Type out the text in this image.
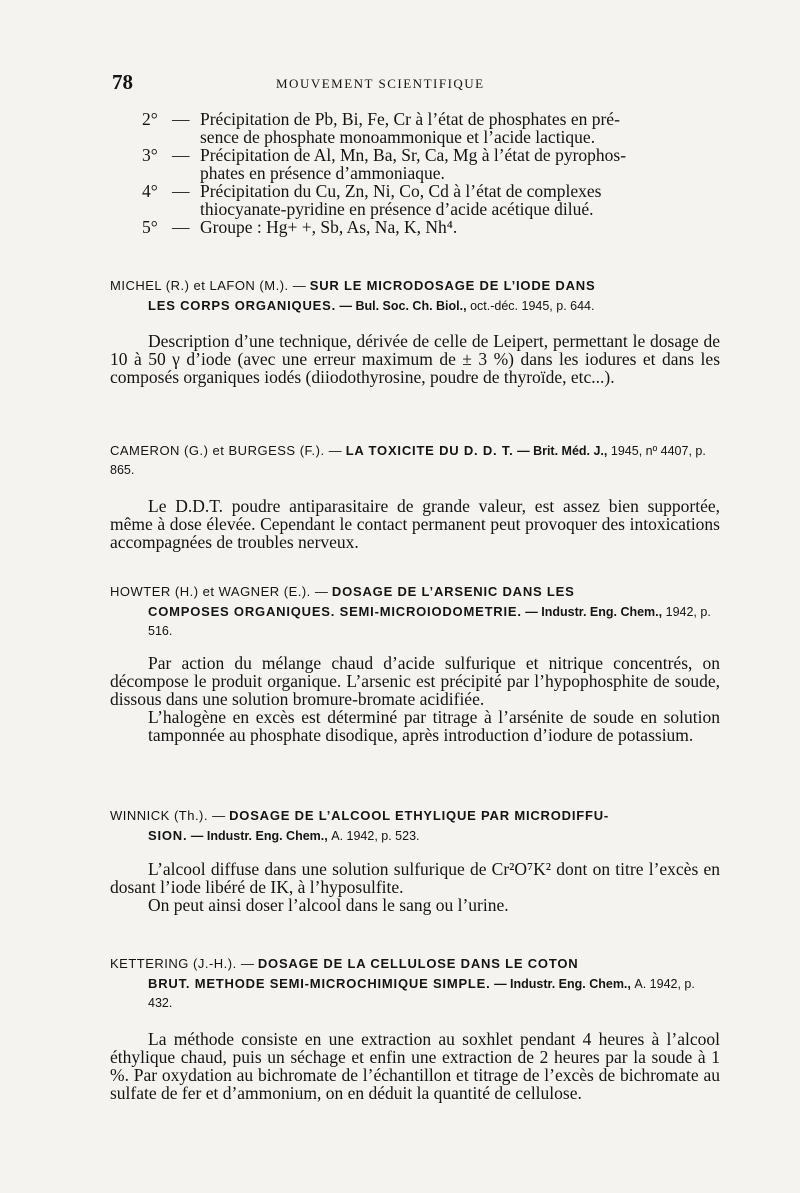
78	MOUVEMENT SCIENTIFIQUE
2° — Précipitation de Pb, Bi, Fe, Cr à l’état de phosphates en pré-
sence de phosphate monoammonique et l’acide lactique.
3° — Précipitation de Al, Mn, Ba, Sr, Ca, Mg à l’état de pyrophos-
phates en présence d’ammoniaque.
4° — Précipitation du Cu, Zn, Ni, Co, Cd à l’état de complexes
thiocyanate-pyridine en présence d’acide acétique dilué.
5° — Groupe : Hg+ +, Sb, As, Na, K, Nh⁴.
MICHEL (R.) et LAFON (M.). — SUR LE MICRODOSAGE DE L’IODE DANS
LES CORPS ORGANIQUES. — Bul. Soc. Ch. Biol., oct.-déc. 1945, p. 644.

Description d’une technique, dérivée de celle de Leipert, permettant le dosage de 10 à 50 γ d’iode (avec une erreur maximum de ± 3 %) dans les iodures et dans les composés organiques iodés (diiodothyrosine, poudre de thyroïde, etc...).

CAMERON (G.) et BURGESS (F.). — LA TOXICITE DU D. D. T. — Brit. Méd. J., 1945, nº 4407, p. 865.

Le D.D.T. poudre antiparasitaire de grande valeur, est assez bien supportée, même à dose élevée. Cependant le contact permanent peut provoquer des intoxications accompagnées de troubles nerveux.

HOWTER (H.) et WAGNER (E.). — DOSAGE DE L’ARSENIC DANS LES
COMPOSES ORGANIQUES. SEMI-MICROIODOMETRIE. — Industr. Eng. Chem., 1942, p. 516.

Par action du mélange chaud d’acide sulfurique et nitrique concentrés, on décompose le produit organique. L’arsenic est précipité par l’hypophosphite de soude, dissous dans une solution bromure-bromate acidifiée.

L’halogène en excès est déterminé par titrage à l’arsénite de soude en solution tamponnée au phosphate disodique, après introduction d’iodure de potassium.

WINNICK (Th.). — DOSAGE DE L’ALCOOL ETHYLIQUE PAR MICRODIFFU-
SION. — Industr. Eng. Chem., A. 1942, p. 523.

L’alcool diffuse dans une solution sulfurique de Cr²O⁷K² dont on titre l’excès en dosant l’iode libéré de IK, à l’hyposulfite.

On peut ainsi doser l’alcool dans le sang ou l’urine.

KETTERING (J.-H.). — DOSAGE DE LA CELLULOSE DANS LE COTON
BRUT. METHODE SEMI-MICROCHIMIQUE SIMPLE. — Industr. Eng. Chem., A. 1942, p. 432.

La méthode consiste en une extraction au soxhlet pendant 4 heures à l’alcool éthylique chaud, puis un séchage et enfin une extraction de 2 heures par la soude à 1 %. Par oxydation au bichromate de l’échantillon et titrage de l’excès de bichromate au sulfate de fer et d’ammonium, on en déduit la quantité de cellulose.
